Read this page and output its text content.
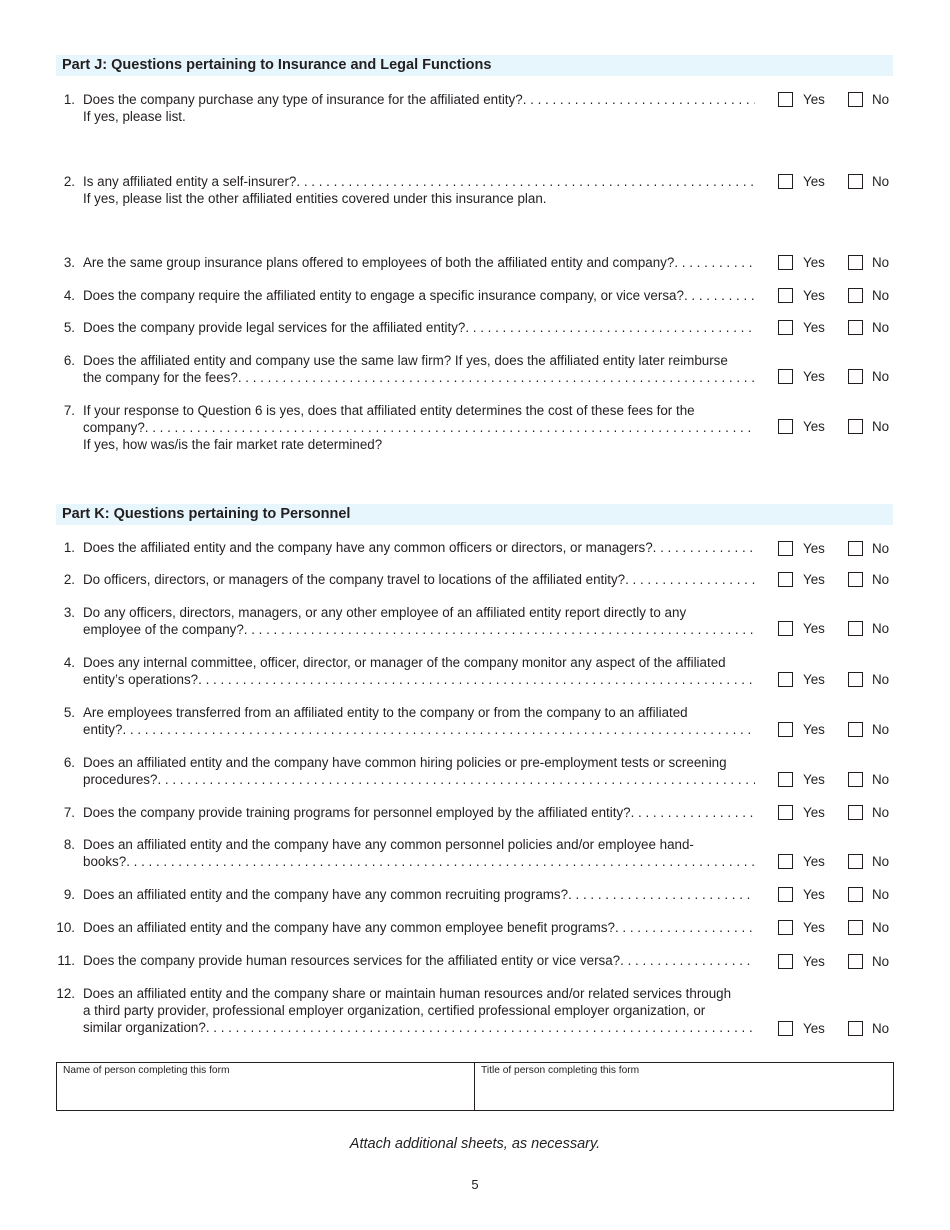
Part J: Questions pertaining to Insurance and Legal Functions
1. Does the company purchase any type of insurance for the affiliated entity?
. . .
If yes, please list.
Yes	No
2. Is any affiliated entity a self-insurer?
. . .
If yes, please list the other affiliated entities covered under this insurance plan.
Yes	No
3. Are the same group insurance plans offered to employees of both the affiliated entity and company? . . .	Yes	No
4. Does the company require the affiliated entity to engage a specific insurance company, or vice versa? . . .	Yes	No
5. Does the company provide legal services for the affiliated entity? . . .	Yes	No
6. Does the affiliated entity and company use the same law firm? If yes, does the affiliated entity later reimburse
the company for the fees? . . .	Yes	No
7. If your response to Question 6 is yes, does that affiliated entity determines the cost of these fees for the
company?
. . .
If yes, how was/is the fair market rate determined?
Yes	No
Part K: Questions pertaining to Personnel
1. Does the affiliated entity and the company have any common officers or directors, or managers? . . .	Yes	No
2. Do officers, directors, or managers of the company travel to locations of the affiliated entity? . . .	Yes	No
3. Do any officers, directors, managers, or any other employee of an affiliated entity report directly to any
employee of the company? . . .	Yes	No
4. Does any internal committee, officer, director, or manager of the company monitor any aspect of the affiliated
entity’s operations? . . .	Yes	No
5. Are employees transferred from an affiliated entity to the company or from the company to an affiliated
entity? . . .	Yes	No
6. Does an affiliated entity and the company have common hiring policies or pre-employment tests or screening
procedures? . . .	Yes	No
7. Does the company provide training programs for personnel employed by the affiliated entity? . . .	Yes	No
8. Does an affiliated entity and the company have any common personnel policies and/or employee hand-
books? . . .	Yes	No
9. Does an affiliated entity and the company have any common recruiting programs? . . .	Yes	No
10. Does an affiliated entity and the company have any common employee benefit programs? . . .	Yes	No
11. Does the company provide human resources services for the affiliated entity or vice versa? . . .	Yes	No
12. Does an affiliated entity and the company share or maintain human resources and/or related services through
a third party provider, professional employer organization, certified professional employer organization, or
similar organization? . . .	Yes	No
Name of person completing this form	Title of person completing this form
Attach additional sheets, as necessary.
5
